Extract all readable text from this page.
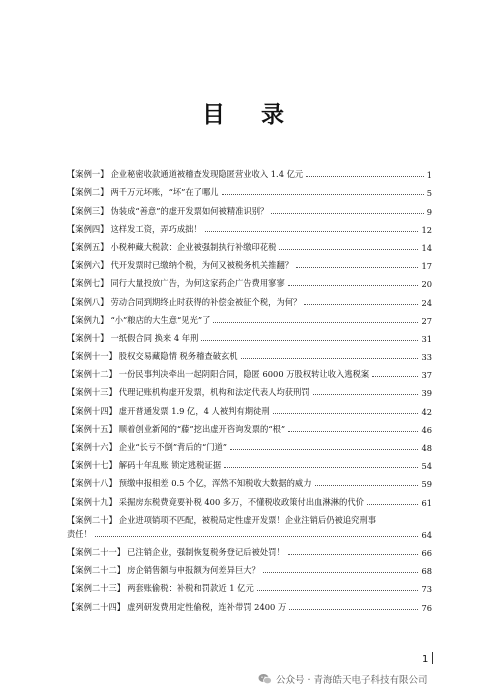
目 录
【案例一】 企业秘密收款通道被稽查发现隐匿营业收入 1.4 亿元	1
【案例二】 两千万元坏账，“坏”在了哪儿	5
【案例三】 伪装成“善意”的虚开发票如何被精准识别？	9
【案例四】 这样发工资，弄巧成拙！	12
【案例五】 小税种藏大税款：企业被强制执行补缴印花税	14
【案例六】 代开发票时已缴纳个税，为何又被税务机关推翻？	17
【案例七】 同行大量投放广告，为何这家药企广告费用寥寥	20
【案例八】 劳动合同到期终止时获得的补偿金被征个税，为何？	24
【案例九】 “小”粮店的大生意“见光”了	27
【案例十】 一纸假合同 换来 4 年刑	31
【案例十一】 股权交易藏隐情 税务稽查破玄机	33
【案例十二】 一份民事判决牵出一起阴阳合同，隐匿 6000 万股权转让收入逃税案	37
【案例十三】 代理记账机构虚开发票，机构和法定代表人均获刑罚	39
【案例十四】 虚开普通发票 1.9 亿，4 人被判有期徒刑	42
【案例十五】 顺着创业新闻的“藤”挖出虚开咨询发票的“根”	46
【案例十六】 企业“长亏不倒”背后的“门道”	48
【案例十七】 解码十年乱账 锁定逃税证据	54
【案例十八】 预缴申报相差 0.5 个亿，浑然不知税收大数据的威力	59
【案例十九】 采掘房东税费竟要补税 400 多万，不懂税收政策付出血淋淋的代价	61
【案例二十】 企业进项销项不匹配，被税局定性虚开发票！企业注销后仍被追究刑事
责任！	64
【案例二十一】 已注销企业，强制恢复税务登记后被处罚！	66
【案例二十二】 房企销售额与申报额为何差异巨大？	68
【案例二十三】 两套账偷税：补税和罚款近 1 亿元	73
【案例二十四】 虚列研发费用定性偷税，连补带罚 2400 万	76
1
公众号 · 青海皓天电子科技有限公司
